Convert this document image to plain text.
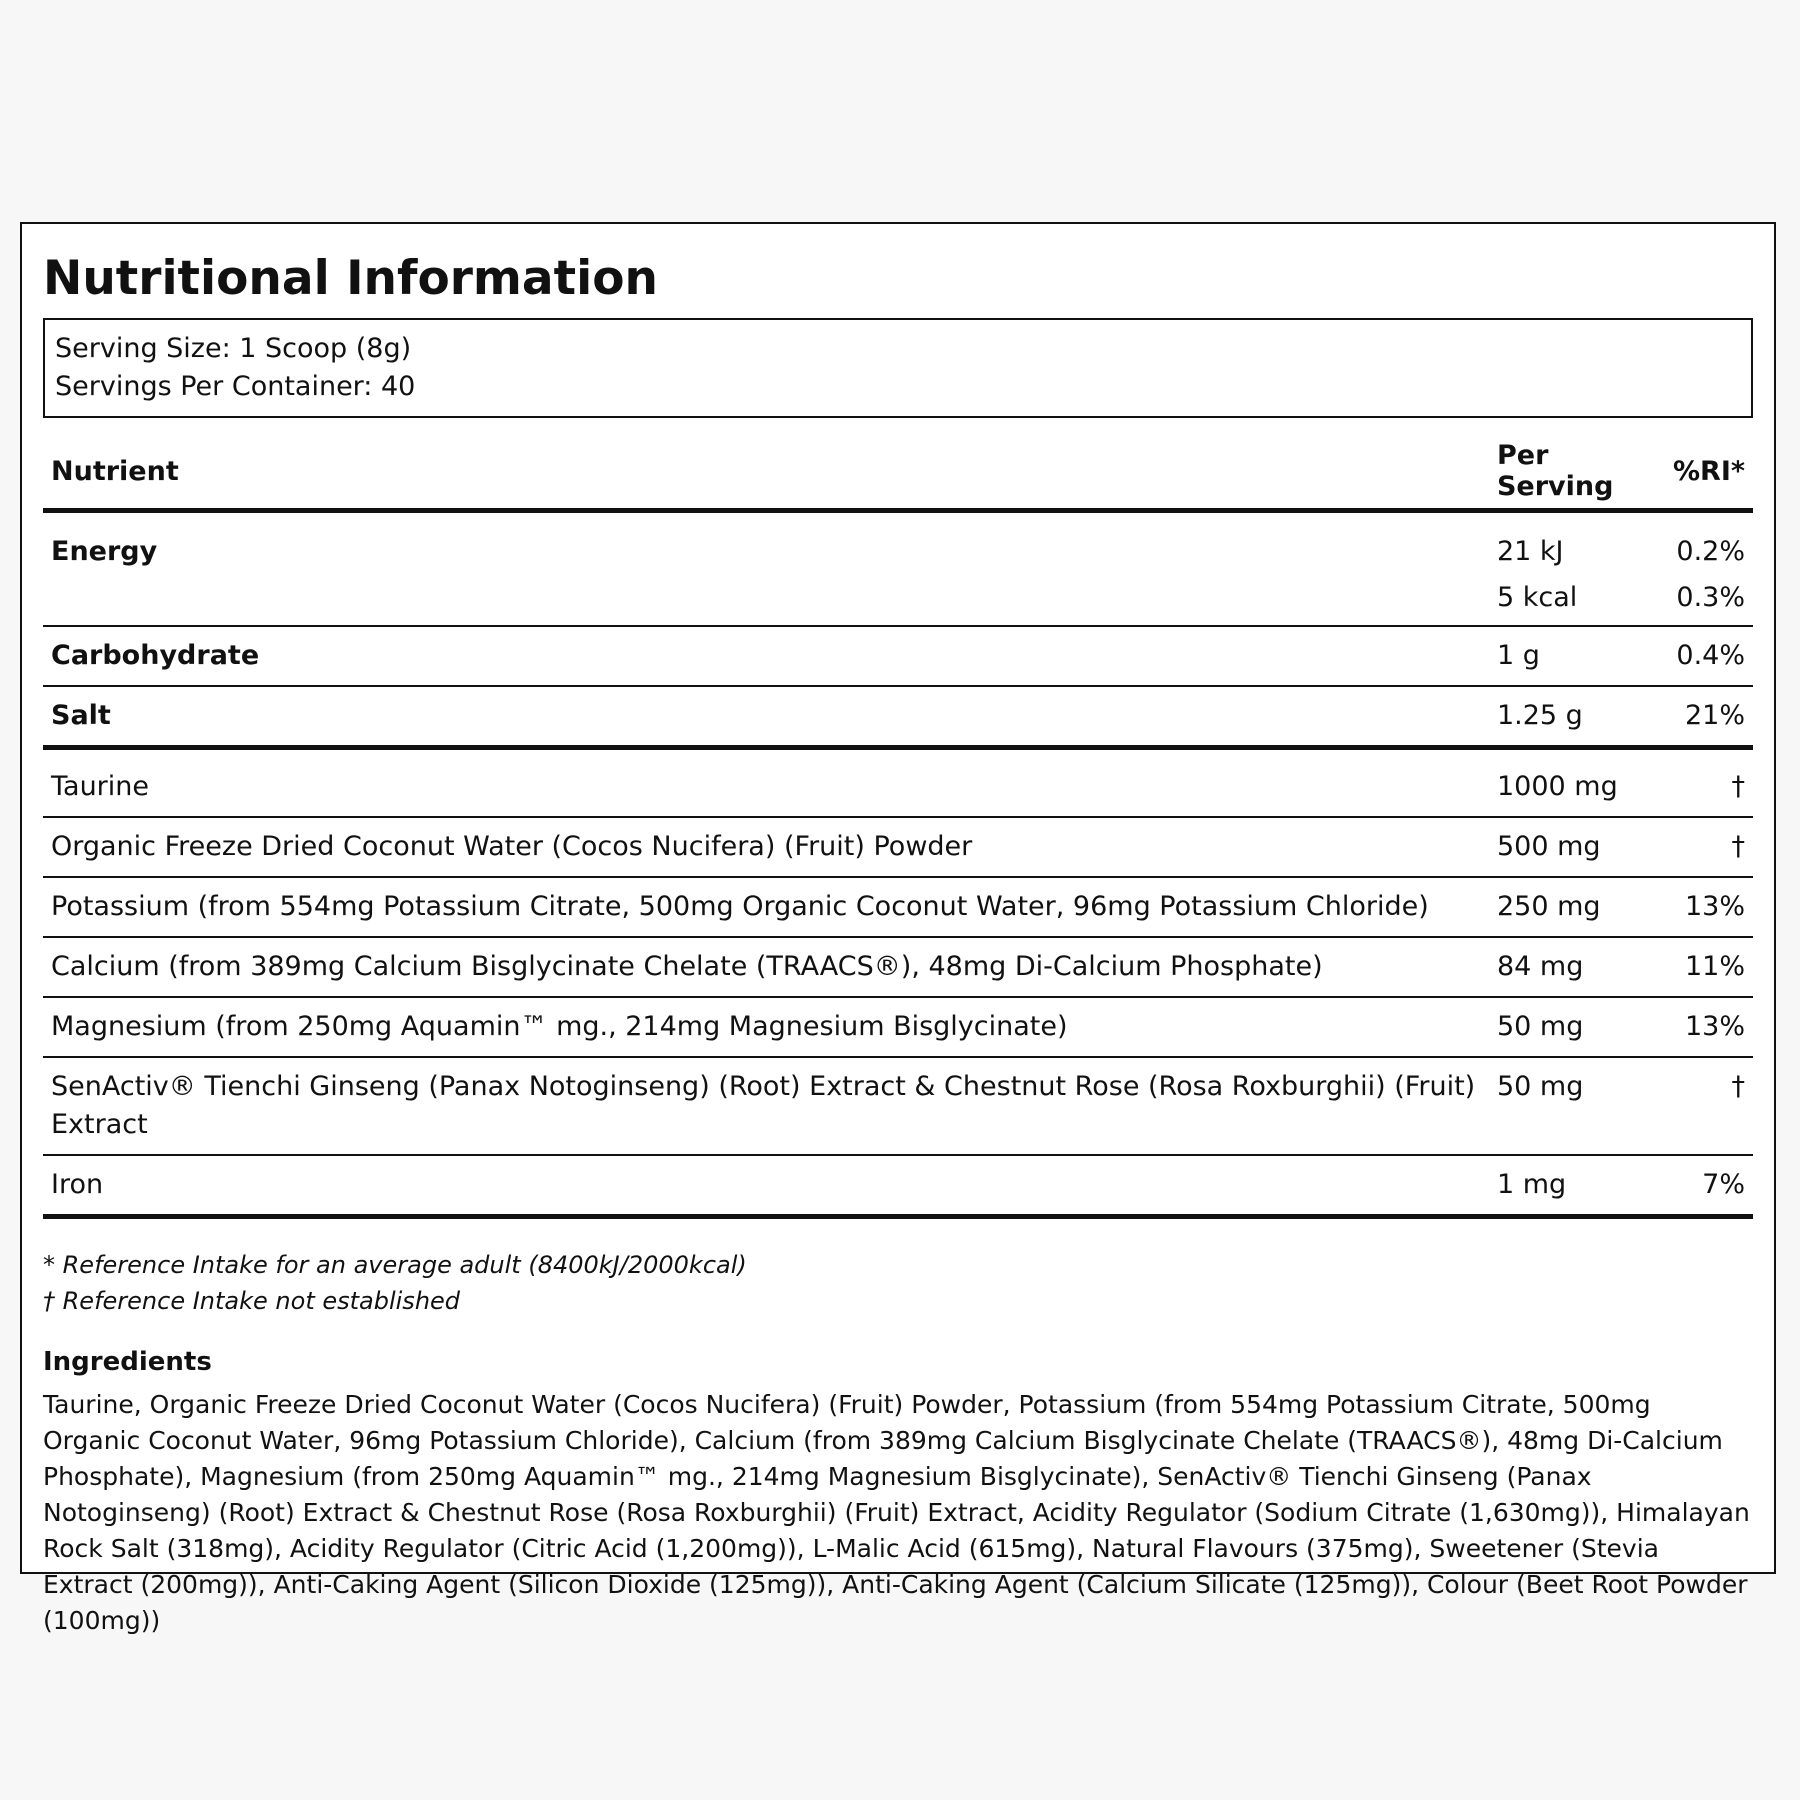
Nutritional Information
Serving Size: 1 Scoop (8g)
Servings Per Container: 40
Nutrient	Per Serving	%RI*
Energy	21 kJ	0.2%
	5 kcal	0.3%
Carbohydrate	1 g	0.4%
Salt	1.25 g	21%
Taurine	1000 mg	†
Organic Freeze Dried Coconut Water (Cocos Nucifera) (Fruit) Powder	500 mg	†
Potassium (from 554mg Potassium Citrate, 500mg Organic Coconut Water, 96mg Potassium Chloride)	250 mg	13%
Calcium (from 389mg Calcium Bisglycinate Chelate (TRAACS®), 48mg Di-Calcium Phosphate)	84 mg	11%
Magnesium (from 250mg Aquamin™ mg., 214mg Magnesium Bisglycinate)	50 mg	13%
SenActiv® Tienchi Ginseng (Panax Notoginseng) (Root) Extract & Chestnut Rose (Rosa Roxburghii) (Fruit) Extract	50 mg	†
Iron	1 mg	7%
* Reference Intake for an average adult (8400kJ/2000kcal)
† Reference Intake not established
Ingredients
Taurine, Organic Freeze Dried Coconut Water (Cocos Nucifera) (Fruit) Powder, Potassium (from 554mg Potassium Citrate, 500mg Organic Coconut Water, 96mg Potassium Chloride), Calcium (from 389mg Calcium Bisglycinate Chelate (TRAACS®), 48mg Di-Calcium Phosphate), Magnesium (from 250mg Aquamin™ mg., 214mg Magnesium Bisglycinate), SenActiv® Tienchi Ginseng (Panax Notoginseng) (Root) Extract & Chestnut Rose (Rosa Roxburghii) (Fruit) Extract, Acidity Regulator (Sodium Citrate (1,630mg)), Himalayan Rock Salt (318mg), Acidity Regulator (Citric Acid (1,200mg)), L-Malic Acid (615mg), Natural Flavours (375mg), Sweetener (Stevia Extract (200mg)), Anti-Caking Agent (Silicon Dioxide (125mg)), Anti-Caking Agent (Calcium Silicate (125mg)), Colour (Beet Root Powder (100mg))
